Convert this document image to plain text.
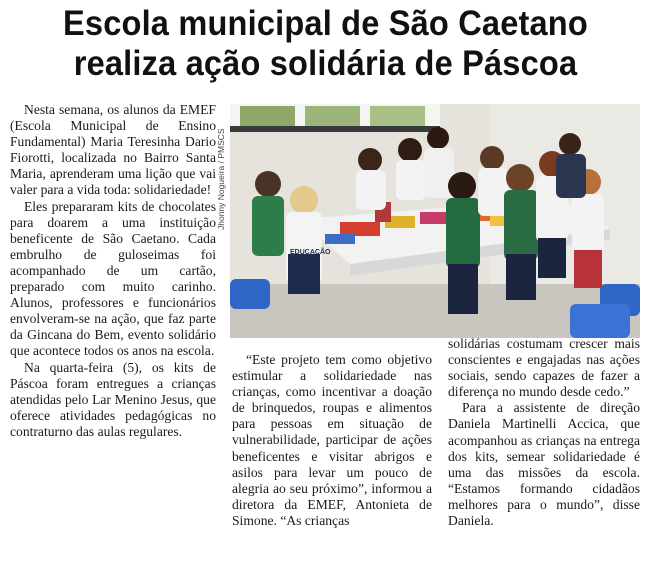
Escola municipal de São Caetano
realiza ação solidária de Páscoa

Nesta semana, os alunos da EMEF (Escola Municipal de Ensino Fundamental) Maria Teresinha Dario Fiorotti, localizada no Bairro Santa Maria, aprenderam uma lição que vai valer para a vida toda: solidariedade!

Eles prepararam kits de chocolates para doarem a uma instituição beneficente de São Caetano. Cada embrulho de guloseimas foi acompanhado de um cartão, preparado com muito carinho. Alunos, professores e funcionários envolveram-se na ação, que faz parte da Gincana do Bem, evento solidário que acontece todos os anos na escola.

Na quarta-feira (5), os kits de Páscoa foram entregues a crianças atendidas pelo Lar Menino Jesus, que oferece atividades pedagógicas no contraturno das aulas regulares.

Jhonny Nogueira / PMSCS
EDUCAÇÃO

“Este projeto tem como objetivo estimular a solidariedade nas crianças, como incentivar a doação de brinquedos, roupas e alimentos para pessoas em situação de vulnerabilidade, participar de ações beneficentes e visitar abrigos e asilos para levar um pouco de alegria ao seu próximo”, informou a diretora da EMEF, Antonieta de Simone. “As crianças

solidárias costumam crescer mais conscientes e engajadas nas ações sociais, sendo capazes de fazer a diferença no mundo desde cedo.”

Para a assistente de direção Daniela Martinelli Accica, que acompanhou as crianças na entrega dos kits, semear solidariedade é uma das missões da escola. “Estamos formando cidadãos melhores para o mundo”, disse Daniela.
